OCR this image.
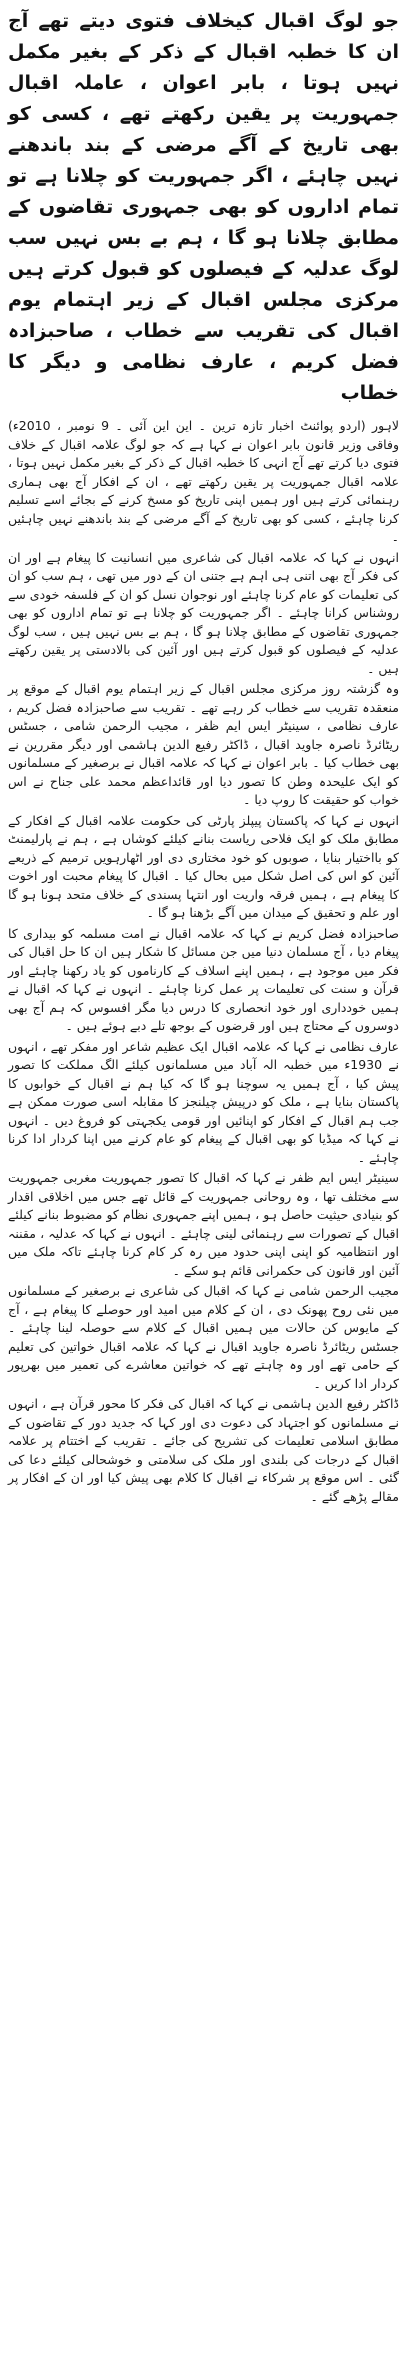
جو لوگ اقبال کیخلاف فتوی دیتے تھے آج ان کا خطبہ اقبال کے ذکر کے بغیر مکمل نہیں ہوتا ، بابر اعوان ، عاملہ اقبال جمہوریت پر یقین رکھتے تھے ، کسی کو بھی تاریخ کے آگے مرضی کے بند باندھنے نہیں چاہئے ، اگر جمہوریت کو چلانا ہے تو تمام اداروں کو بھی جمہوری تقاضوں کے مطابق چلانا ہو گا ، ہم بے بس نہیں سب لوگ عدلیہ کے فیصلوں کو قبول کرتے ہیں مرکزی مجلس اقبال کے زیر اہتمام یوم اقبال کی تقریب سے خطاب ، صاحبزادہ فضل کریم ، عارف نظامی و دیگر کا خطاب

لاہور (اردو پوائنٹ اخبار تازہ ترین ۔ این این آئی ۔ 9 نومبر ، 2010ء) وفاقی وزیر قانون بابر اعوان نے کہا ہے کہ جو لوگ علامہ اقبال کے خلاف فتوی دیا کرتے تھے آج انہی کا خطبہ اقبال کے ذکر کے بغیر مکمل نہیں ہوتا ، علامہ اقبال جمہوریت پر یقین رکھتے تھے ، ان کے افکار آج بھی ہماری رہنمائی کرتے ہیں اور ہمیں اپنی تاریخ کو مسخ کرنے کے بجائے اسے تسلیم کرنا چاہئے ، کسی کو بھی تاریخ کے آگے مرضی کے بند باندھنے نہیں چاہئیں ۔

انہوں نے کہا کہ علامہ اقبال کی شاعری میں انسانیت کا پیغام ہے اور ان کی فکر آج بھی اتنی ہی اہم ہے جتنی ان کے دور میں تھی ، ہم سب کو ان کی تعلیمات کو عام کرنا چاہئے اور نوجوان نسل کو ان کے فلسفہ خودی سے روشناس کرانا چاہئے ۔ اگر جمہوریت کو چلانا ہے تو تمام اداروں کو بھی جمہوری تقاضوں کے مطابق چلانا ہو گا ، ہم بے بس نہیں ہیں ، سب لوگ عدلیہ کے فیصلوں کو قبول کرتے ہیں اور آئین کی بالادستی پر یقین رکھتے ہیں ۔

وہ گزشتہ روز مرکزی مجلس اقبال کے زیر اہتمام یوم اقبال کے موقع پر منعقدہ تقریب سے خطاب کر رہے تھے ۔ تقریب سے صاحبزادہ فضل کریم ، عارف نظامی ، سینیٹر ایس ایم ظفر ، مجیب الرحمن شامی ، جسٹس ریٹائرڈ ناصرہ جاوید اقبال ، ڈاکٹر رفیع الدین ہاشمی اور دیگر مقررین نے بھی خطاب کیا ۔ بابر اعوان نے کہا کہ علامہ اقبال نے برصغیر کے مسلمانوں کو ایک علیحدہ وطن کا تصور دیا اور قائداعظم محمد علی جناح نے اس خواب کو حقیقت کا روپ دیا ۔

انہوں نے کہا کہ پاکستان پیپلز پارٹی کی حکومت علامہ اقبال کے افکار کے مطابق ملک کو ایک فلاحی ریاست بنانے کیلئے کوشاں ہے ، ہم نے پارلیمنٹ کو بااختیار بنایا ، صوبوں کو خود مختاری دی اور اٹھارہویں ترمیم کے ذریعے آئین کو اس کی اصل شکل میں بحال کیا ۔ اقبال کا پیغام محبت اور اخوت کا پیغام ہے ، ہمیں فرقہ واریت اور انتہا پسندی کے خلاف متحد ہونا ہو گا اور علم و تحقیق کے میدان میں آگے بڑھنا ہو گا ۔

صاحبزادہ فضل کریم نے کہا کہ علامہ اقبال نے امت مسلمہ کو بیداری کا پیغام دیا ، آج مسلمان دنیا میں جن مسائل کا شکار ہیں ان کا حل اقبال کی فکر میں موجود ہے ، ہمیں اپنے اسلاف کے کارناموں کو یاد رکھنا چاہئے اور قرآن و سنت کی تعلیمات پر عمل کرنا چاہئے ۔ انہوں نے کہا کہ اقبال نے ہمیں خودداری اور خود انحصاری کا درس دیا مگر افسوس کہ ہم آج بھی دوسروں کے محتاج ہیں اور قرضوں کے بوجھ تلے دبے ہوئے ہیں ۔

عارف نظامی نے کہا کہ علامہ اقبال ایک عظیم شاعر اور مفکر تھے ، انہوں نے 1930ء میں خطبہ الہ آباد میں مسلمانوں کیلئے الگ مملکت کا تصور پیش کیا ، آج ہمیں یہ سوچنا ہو گا کہ کیا ہم نے اقبال کے خوابوں کا پاکستان بنایا ہے ، ملک کو درپیش چیلنجز کا مقابلہ اسی صورت ممکن ہے جب ہم اقبال کے افکار کو اپنائیں اور قومی یکجہتی کو فروغ دیں ۔ انہوں نے کہا کہ میڈیا کو بھی اقبال کے پیغام کو عام کرنے میں اپنا کردار ادا کرنا چاہئے ۔

سینیٹر ایس ایم ظفر نے کہا کہ اقبال کا تصور جمہوریت مغربی جمہوریت سے مختلف تھا ، وہ روحانی جمہوریت کے قائل تھے جس میں اخلاقی اقدار کو بنیادی حیثیت حاصل ہو ، ہمیں اپنے جمہوری نظام کو مضبوط بنانے کیلئے اقبال کے تصورات سے رہنمائی لینی چاہئے ۔ انہوں نے کہا کہ عدلیہ ، مقننہ اور انتظامیہ کو اپنی اپنی حدود میں رہ کر کام کرنا چاہئے تاکہ ملک میں آئین اور قانون کی حکمرانی قائم ہو سکے ۔

مجیب الرحمن شامی نے کہا کہ اقبال کی شاعری نے برصغیر کے مسلمانوں میں نئی روح پھونک دی ، ان کے کلام میں امید اور حوصلے کا پیغام ہے ، آج کے مایوس کن حالات میں ہمیں اقبال کے کلام سے حوصلہ لینا چاہئے ۔ جسٹس ریٹائرڈ ناصرہ جاوید اقبال نے کہا کہ علامہ اقبال خواتین کی تعلیم کے حامی تھے اور وہ چاہتے تھے کہ خواتین معاشرے کی تعمیر میں بھرپور کردار ادا کریں ۔

ڈاکٹر رفیع الدین ہاشمی نے کہا کہ اقبال کی فکر کا محور قرآن ہے ، انہوں نے مسلمانوں کو اجتہاد کی دعوت دی اور کہا کہ جدید دور کے تقاضوں کے مطابق اسلامی تعلیمات کی تشریح کی جائے ۔ تقریب کے اختتام پر علامہ اقبال کے درجات کی بلندی اور ملک کی سلامتی و خوشحالی کیلئے دعا کی گئی ۔ اس موقع پر شرکاء نے اقبال کا کلام بھی پیش کیا اور ان کے افکار پر مقالے پڑھے گئے ۔
